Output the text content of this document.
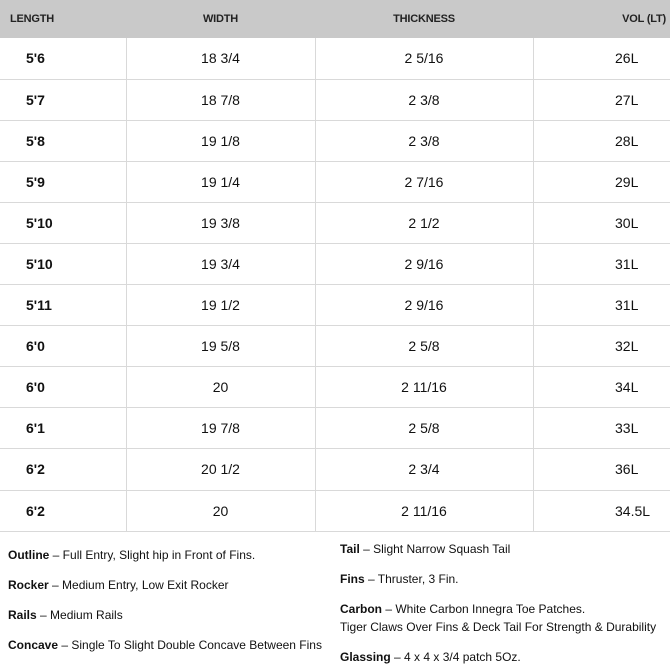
LENGTH	WIDTH	THICKNESS	VOL (LT)
5'6	18 3/4	2 5/16	26L
5'7	18 7/8	2 3/8	27L
5'8	19 1/8	2 3/8	28L
5'9	19 1/4	2 7/16	29L
5'10	19 3/8	2 1/2	30L
5'10	19 3/4	2 9/16	31L
5'11	19 1/2	2 9/16	31L
6'0	19 5/8	2 5/8	32L
6'0	20	2 11/16	34L
6'1	19 7/8	2 5/8	33L
6'2	20 1/2	2 3/4	36L
6'2	20	2 11/16	34.5L
Outline – Full Entry, Slight hip in Front of Fins.
Rocker – Medium Entry, Low Exit Rocker
Rails – Medium Rails
Concave – Single To Slight Double Concave Between Fins
Tail – Slight Narrow Squash Tail
Fins – Thruster, 3 Fin.
Carbon – White Carbon Innegra Toe Patches.
Tiger Claws Over Fins & Deck Tail For Strength & Durability
Glassing – 4 x 4 x 3/4 patch 5Oz.
